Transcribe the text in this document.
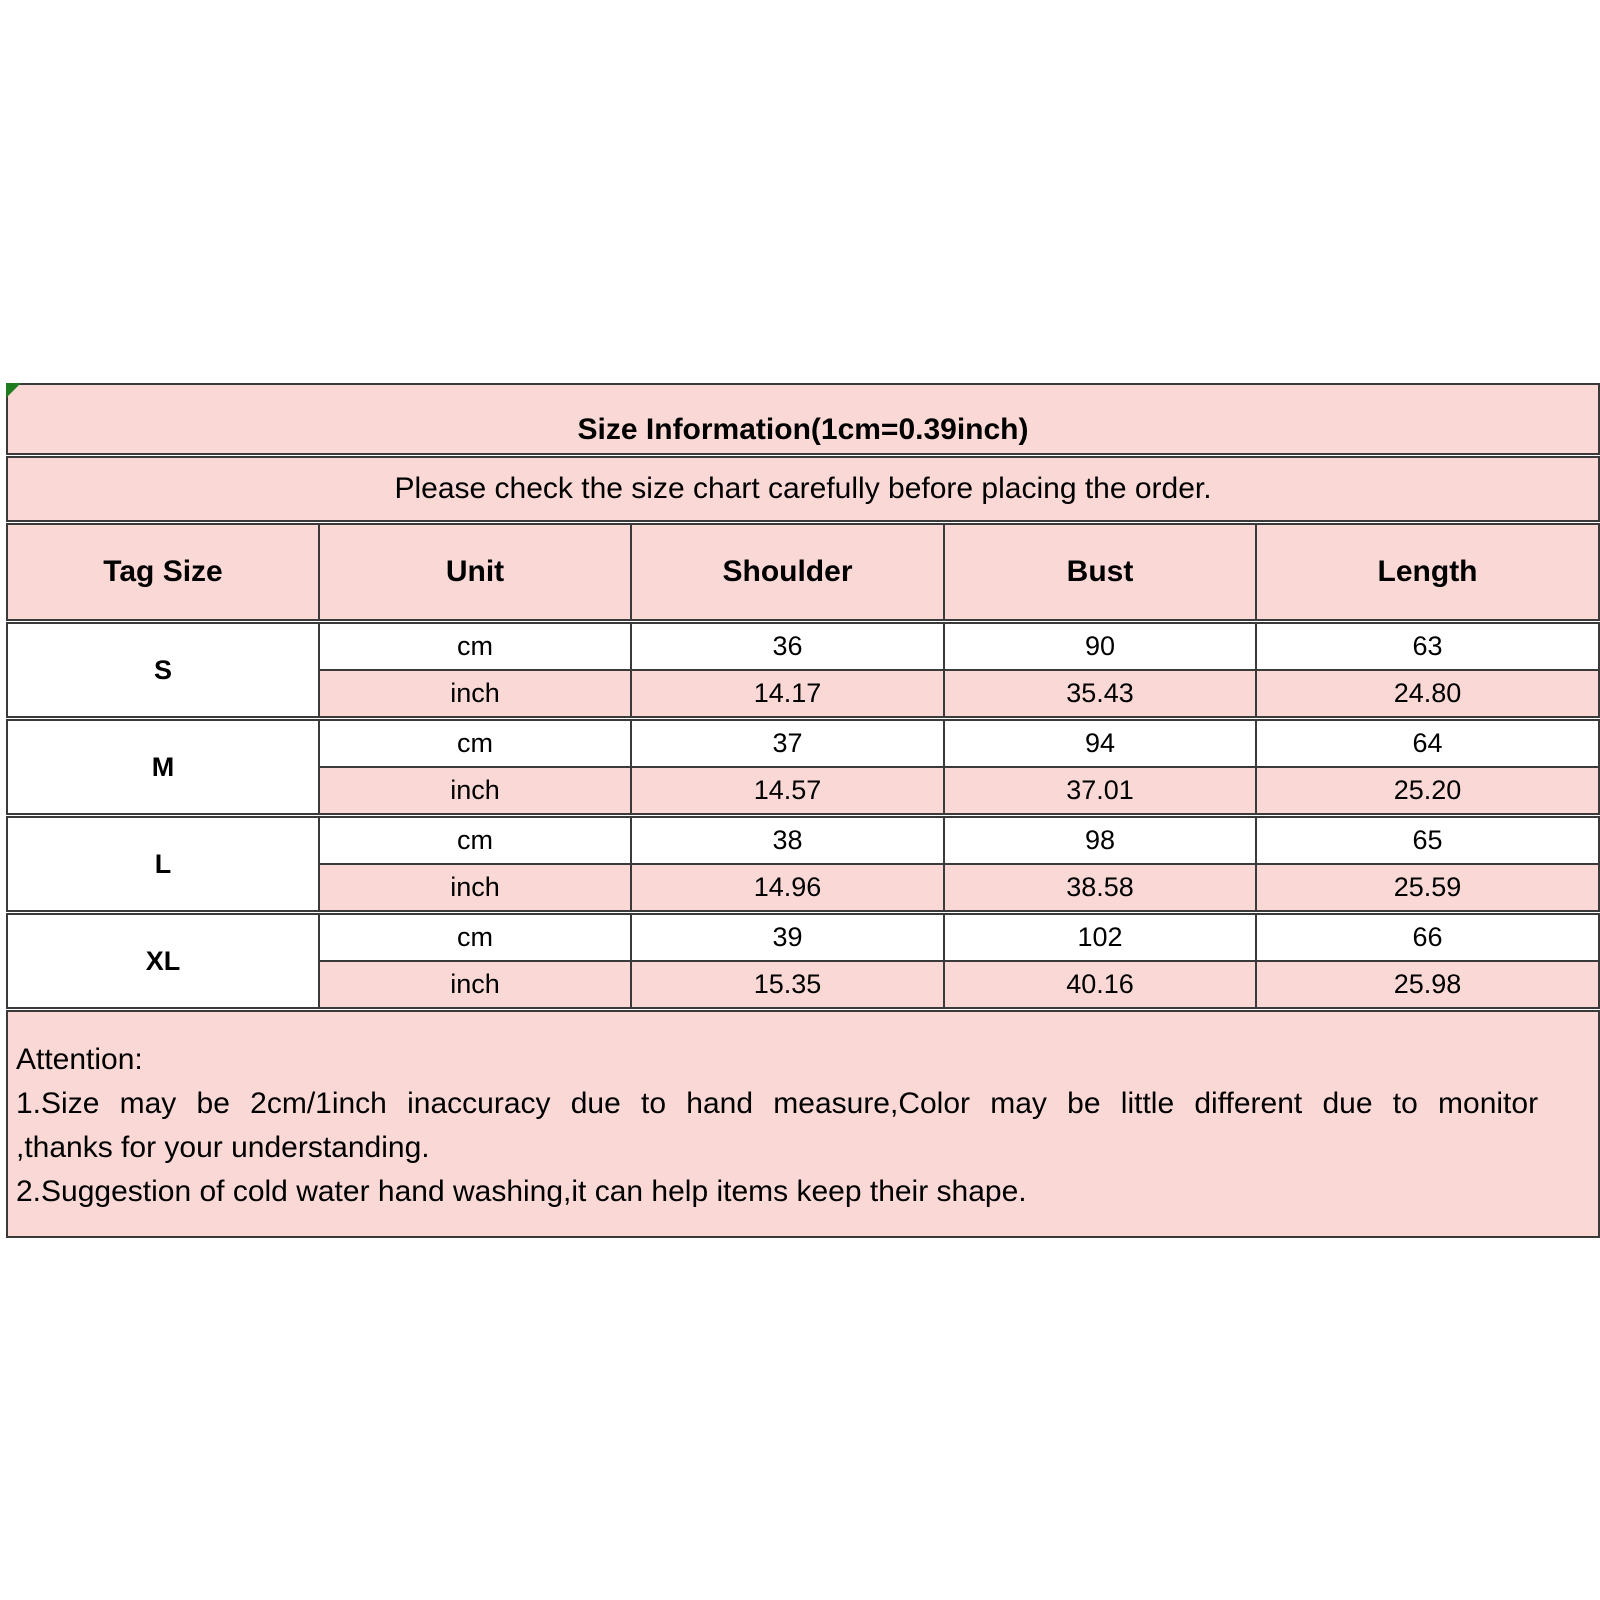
Size Information(1cm=0.39inch)				
Please check the size chart carefully before placing the order.				
Tag Size	Unit	Shoulder	Bust	Length
S	cm	36	90	63
	inch	14.17	35.43	24.80
M	cm	37	94	64
	inch	14.57	37.01	25.20
L	cm	38	98	65
	inch	14.96	38.58	25.59
XL	cm	39	102	66
	inch	15.35	40.16	25.98

Attention:
1.Size may be 2cm/1inch inaccuracy due to hand measure,Color may be little different due to monitor
,thanks for your understanding.
2.Suggestion of cold water hand washing,it can help items keep their shape.				
